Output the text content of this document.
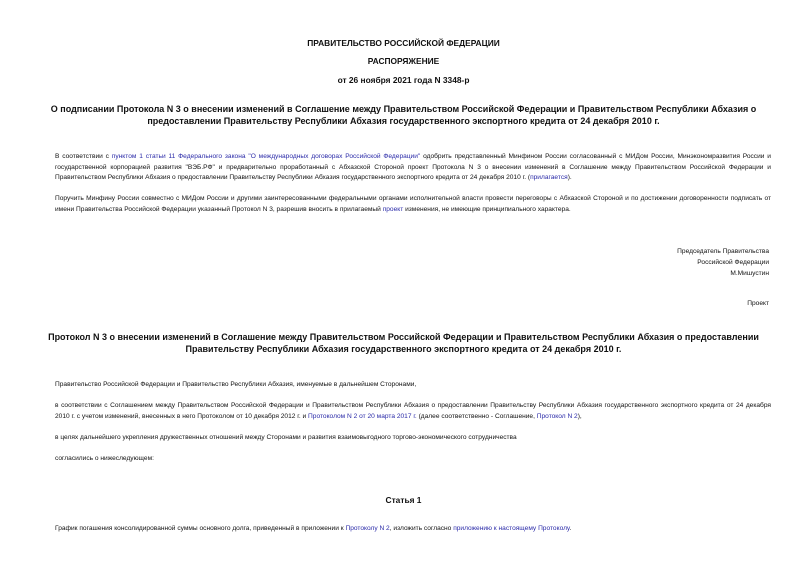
ПРАВИТЕЛЬСТВО РОССИЙСКОЙ ФЕДЕРАЦИИ
РАСПОРЯЖЕНИЕ
от 26 ноября 2021 года N 3348-р
О подписании Протокола N 3 о внесении изменений в Соглашение между Правительством Российской Федерации и Правительством Республики Абхазия о
предоставлении Правительству Республики Абхазия государственного экспортного кредита от 24 декабря 2010 г.
В соответствии с пунктом 1 статьи 11 Федерального закона "О международных договорах Российской Федерации" одобрить представленный Минфином России согласованный с МИДом России, Минэкономразвития России и государственной корпорацией развития "ВЭБ.РФ" и предварительно проработанный с Абхазской Стороной проект Протокола N 3 о внесении изменений в Соглашение между Правительством Российской Федерации и Правительством Республики Абхазия о предоставлении Правительству Республики Абхазия государственного экспортного кредита от 24 декабря 2010 г. (прилагается).
Поручить Минфину России совместно с МИДом России и другими заинтересованными федеральными органами исполнительной власти провести переговоры с Абхазской Стороной и по достижении договоренности подписать от имени Правительства Российской Федерации указанный Протокол N 3, разрешив вносить в прилагаемый проект изменения, не имеющие принципиального характера.
Председатель Правительства
Российской Федерации
М.Мишустин
Проект
Протокол N 3 о внесении изменений в Соглашение между Правительством Российской Федерации и Правительством Республики Абхазия о предоставлении
Правительству Республики Абхазия государственного экспортного кредита от 24 декабря 2010 г.
Правительство Российской Федерации и Правительство Республики Абхазия, именуемые в дальнейшем Сторонами,
в соответствии с Соглашением между Правительством Российской Федерации и Правительством Республики Абхазия о предоставлении Правительству Республики Абхазия государственного экспортного кредита от 24 декабря 2010 г. с учетом изменений, внесенных в него Протоколом от 10 декабря 2012 г. и Протоколом N 2 от 20 марта 2017 г. (далее соответственно - Соглашение, Протокол N 2),
в целях дальнейшего укрепления дружественных отношений между Сторонами и развития взаимовыгодного торгово-экономического сотрудничества
согласились о нижеследующем:
Статья 1
График погашения консолидированной суммы основного долга, приведенный в приложении к Протоколу N 2, изложить согласно приложению к настоящему Протоколу.
